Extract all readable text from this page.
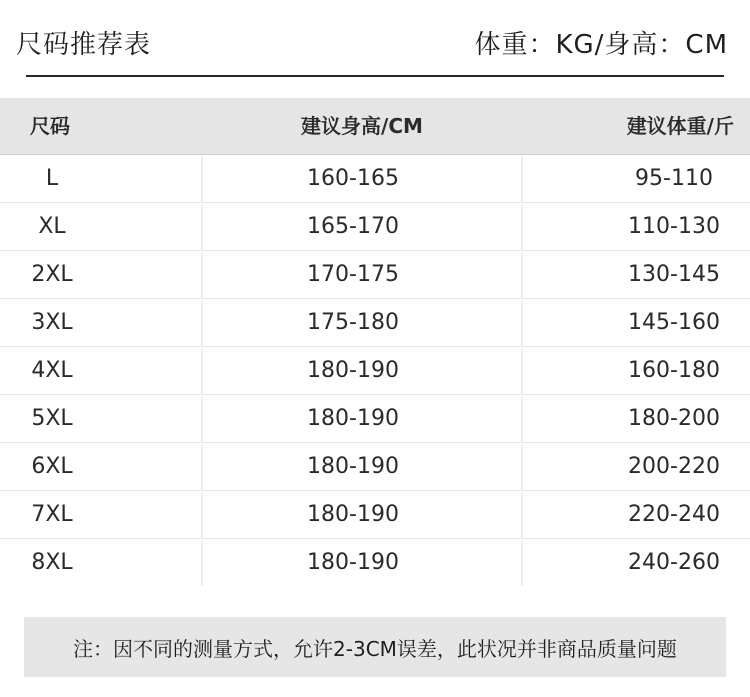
尺码推荐表	体重：KG/身高：CM
尺码	建议身高/CM	建议体重/斤
L	160-165	95-110
XL	165-170	110-130
2XL	170-175	130-145
3XL	175-180	145-160
4XL	180-190	160-180
5XL	180-190	180-200
6XL	180-190	200-220
7XL	180-190	220-240
8XL	180-190	240-260
注：因不同的测量方式，允许2-3CM误差，此状况并非商品质量问题
